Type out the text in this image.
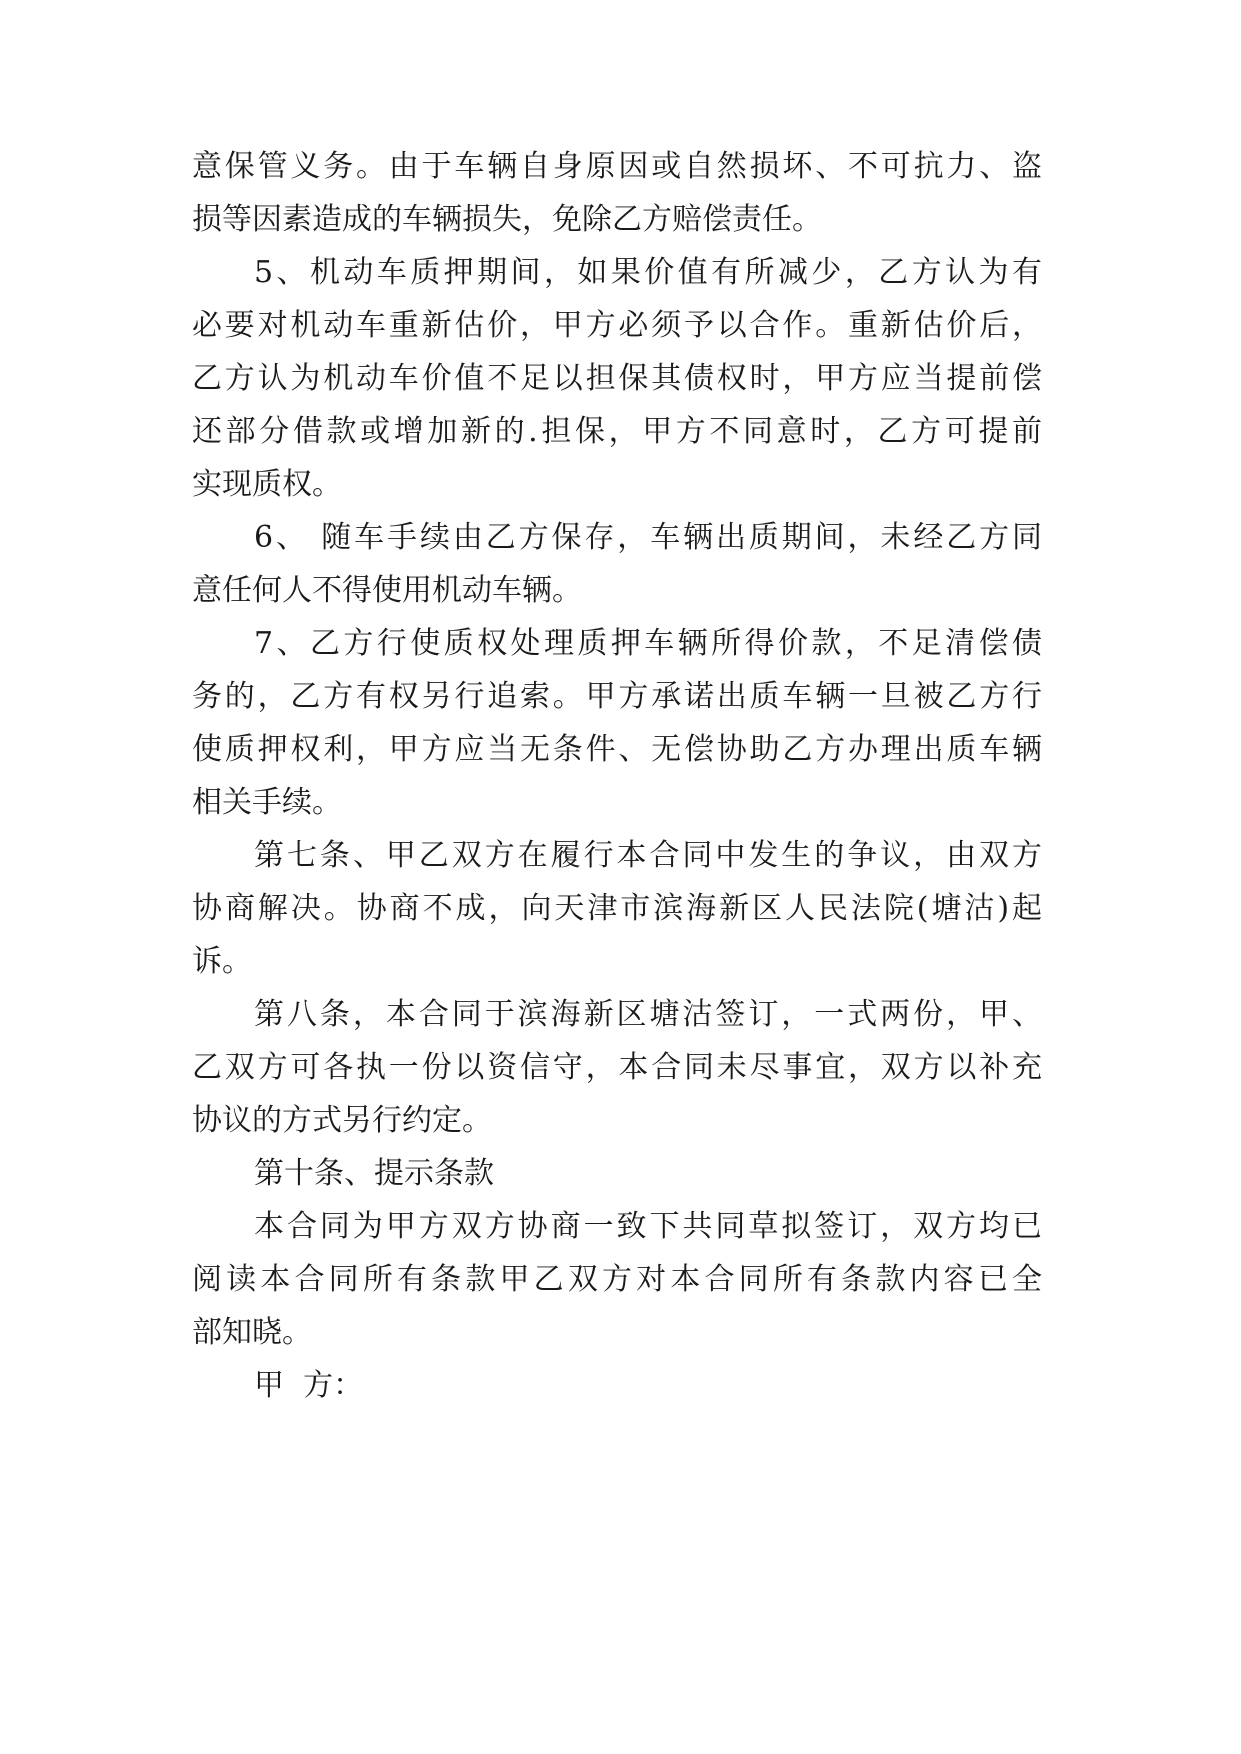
意保管义务。由于车辆自身原因或自然损坏、不可抗力、盗
损等因素造成的车辆损失，免除乙方赔偿责任。
5、机动车质押期间，如果价值有所减少，乙方认为有
必要对机动车重新估价，甲方必须予以合作。重新估价后，
乙方认为机动车价值不足以担保其债权时，甲方应当提前偿
还部分借款或增加新的.担保，甲方不同意时，乙方可提前
实现质权。
6、 随车手续由乙方保存，车辆出质期间，未经乙方同
意任何人不得使用机动车辆。
7、乙方行使质权处理质押车辆所得价款，不足清偿债
务的，乙方有权另行追索。甲方承诺出质车辆一旦被乙方行
使质押权利，甲方应当无条件、无偿协助乙方办理出质车辆
相关手续。
第七条、甲乙双方在履行本合同中发生的争议，由双方
协商解决。协商不成，向天津市滨海新区人民法院(塘沽)起
诉。
第八条，本合同于滨海新区塘沽签订，一式两份，甲、
乙双方可各执一份以资信守，本合同未尽事宜，双方以补充
协议的方式另行约定。
第十条、提示条款
本合同为甲方双方协商一致下共同草拟签订，双方均已
阅读本合同所有条款甲乙双方对本合同所有条款内容已全
部知晓。
甲  方：
